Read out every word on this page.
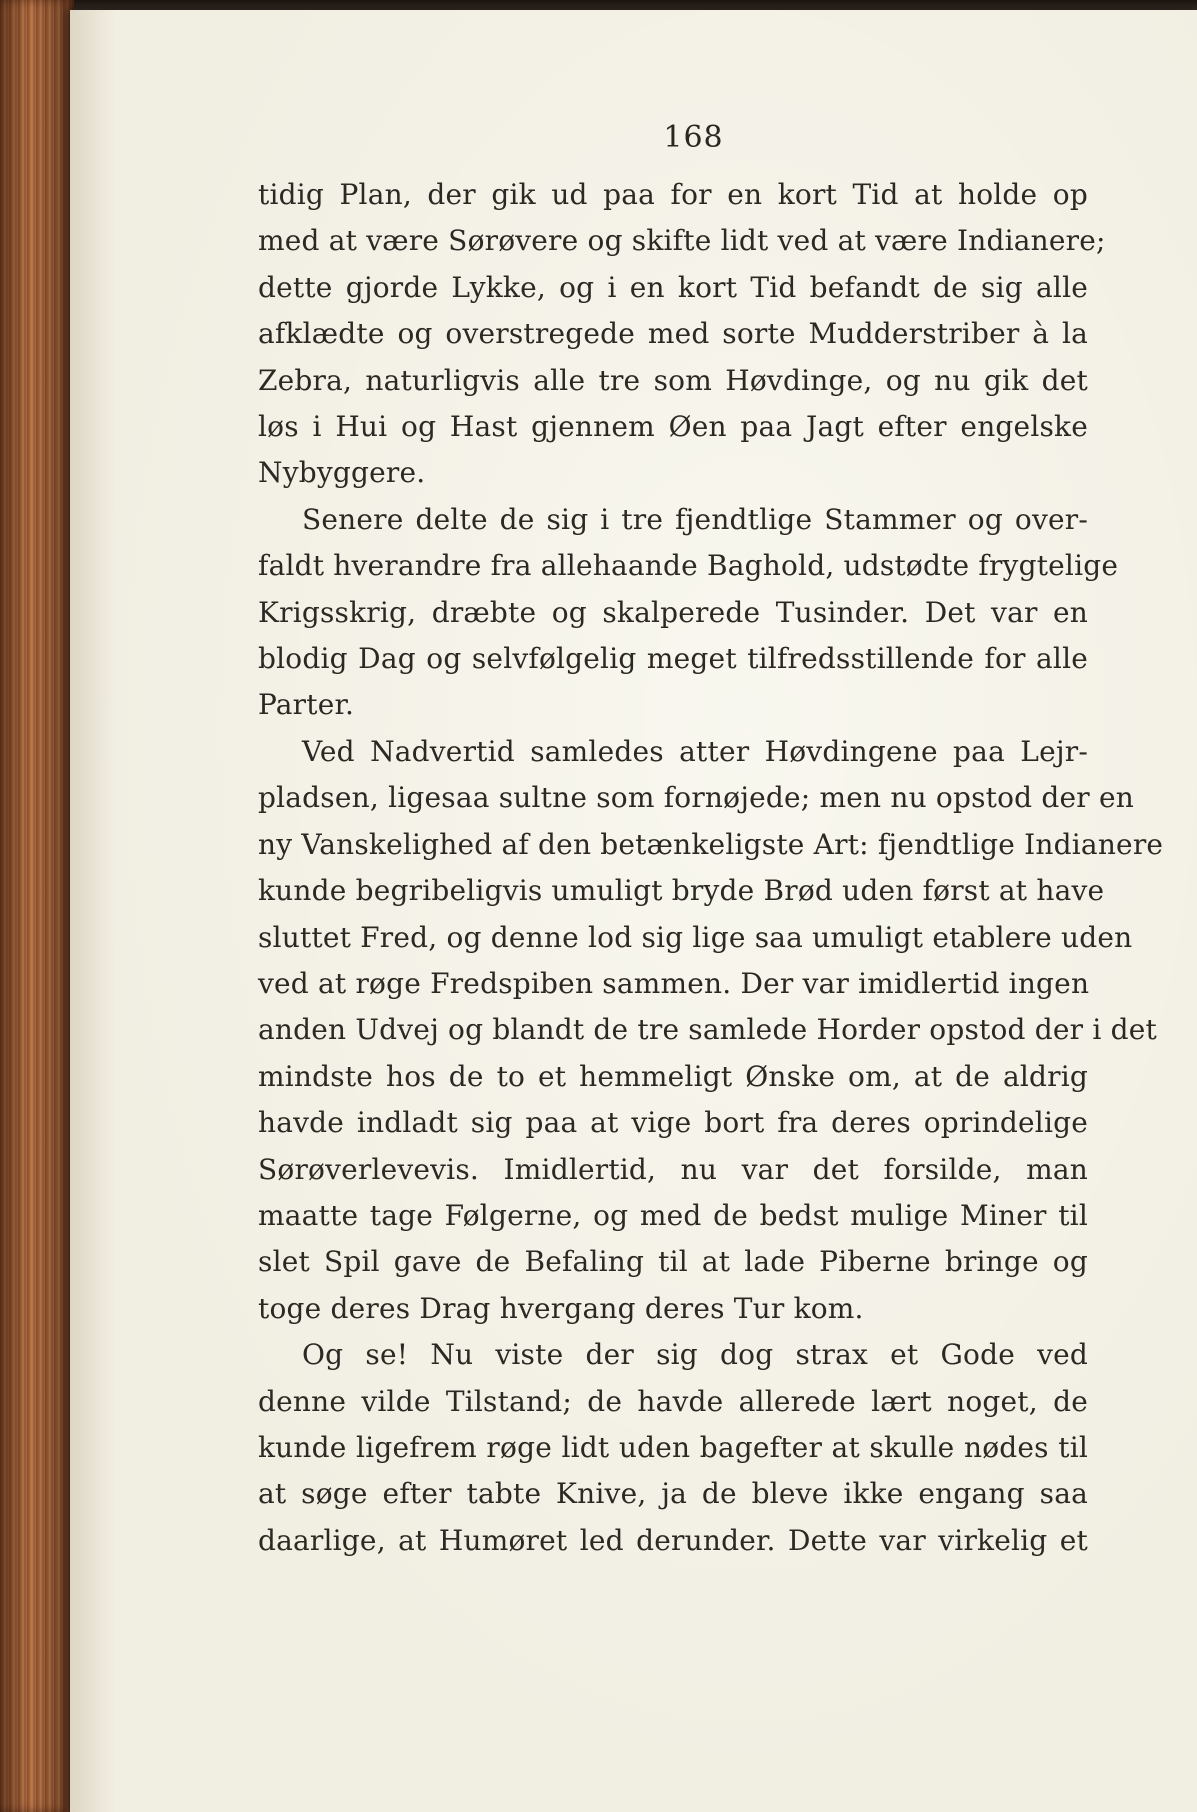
168
tidig Plan, der gik ud paa for en kort Tid at holde op
med at være Sørøvere og skifte lidt ved at være Indianere;
dette gjorde Lykke, og i en kort Tid befandt de sig alle
afklædte og overstregede med sorte Mudderstriber à la
Zebra, naturligvis alle tre som Høvdinge, og nu gik det
løs i Hui og Hast gjennem Øen paa Jagt efter engelske
Nybyggere.
Senere delte de sig i tre fjendtlige Stammer og over-
faldt hverandre fra allehaande Baghold, udstødte frygtelige
Krigsskrig, dræbte og skalperede Tusinder. Det var en
blodig Dag og selvfølgelig meget tilfredsstillende for alle
Parter.
Ved Nadvertid samledes atter Høvdingene paa Lejr-
pladsen, ligesaa sultne som fornøjede; men nu opstod der en
ny Vanskelighed af den betænkeligste Art: fjendtlige Indianere
kunde begribeligvis umuligt bryde Brød uden først at have
sluttet Fred, og denne lod sig lige saa umuligt etablere uden
ved at røge Fredspiben sammen. Der var imidlertid ingen
anden Udvej og blandt de tre samlede Horder opstod der i det
mindste hos de to et hemmeligt Ønske om, at de aldrig
havde indladt sig paa at vige bort fra deres oprindelige
Sørøverlevevis. Imidlertid, nu var det forsilde, man
maatte tage Følgerne, og med de bedst mulige Miner til
slet Spil gave de Befaling til at lade Piberne bringe og
toge deres Drag hvergang deres Tur kom.
Og se! Nu viste der sig dog strax et Gode ved
denne vilde Tilstand; de havde allerede lært noget, de
kunde ligefrem røge lidt uden bagefter at skulle nødes til
at søge efter tabte Knive, ja de bleve ikke engang saa
daarlige, at Humøret led derunder. Dette var virkelig et
